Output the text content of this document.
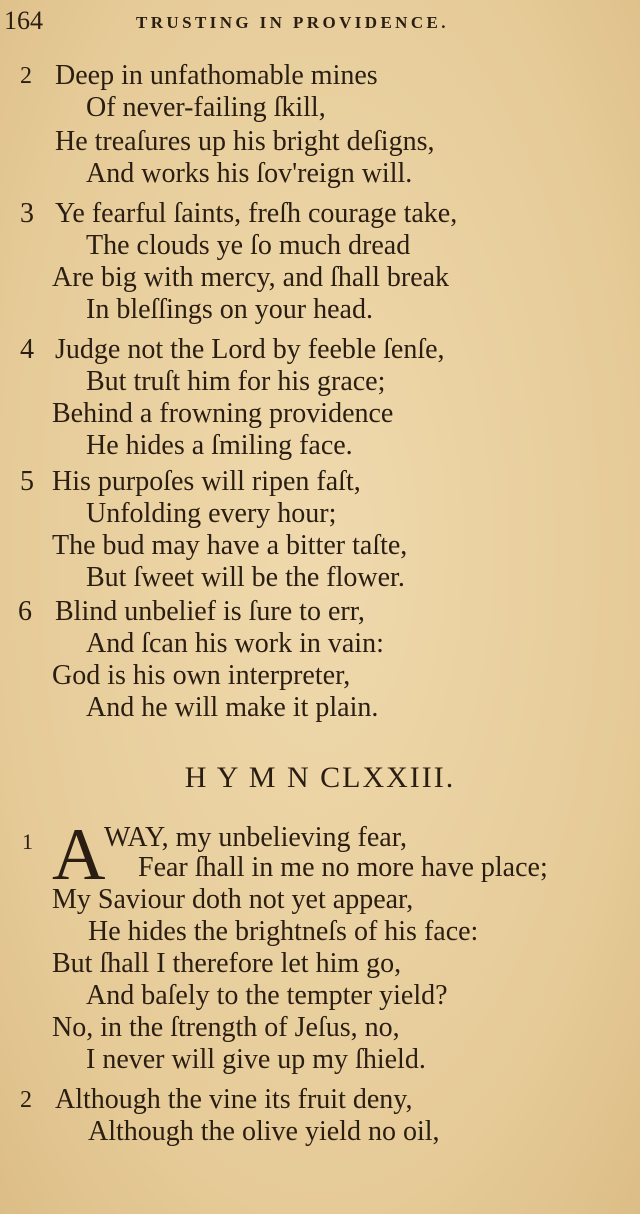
164	TRUSTING IN PROVIDENCE.
2 Deep in unfathomable mines
Of never-failing ſkill,
He treaſures up his bright deſigns,
And works his ſov'reign will.
3 Ye fearful ſaints, freſh courage take,
The clouds ye ſo much dread
Are big with mercy, and ſhall break
In bleſſings on your head.
4 Judge not the Lord by feeble ſenſe,
But truſt him for his grace;
Behind a frowning providence
He hides a ſmiling face.
5 His purpoſes will ripen faſt,
Unfolding every hour;
The bud may have a bitter taſte,
But ſweet will be the flower.
6 Blind unbelief is ſure to err,
And ſcan his work in vain:
God is his own interpreter,
And he will make it plain.
H Y M N CLXXIII.
1 A
WAY, my unbelieving fear,
Fear ſhall in me no more have place;
My Saviour doth not yet appear,
He hides the brightneſs of his face:
But ſhall I therefore let him go,
And baſely to the tempter yield?
No, in the ſtrength of Jeſus, no,
I never will give up my ſhield.
2 Although the vine its fruit deny,
Although the olive yield no oil,
